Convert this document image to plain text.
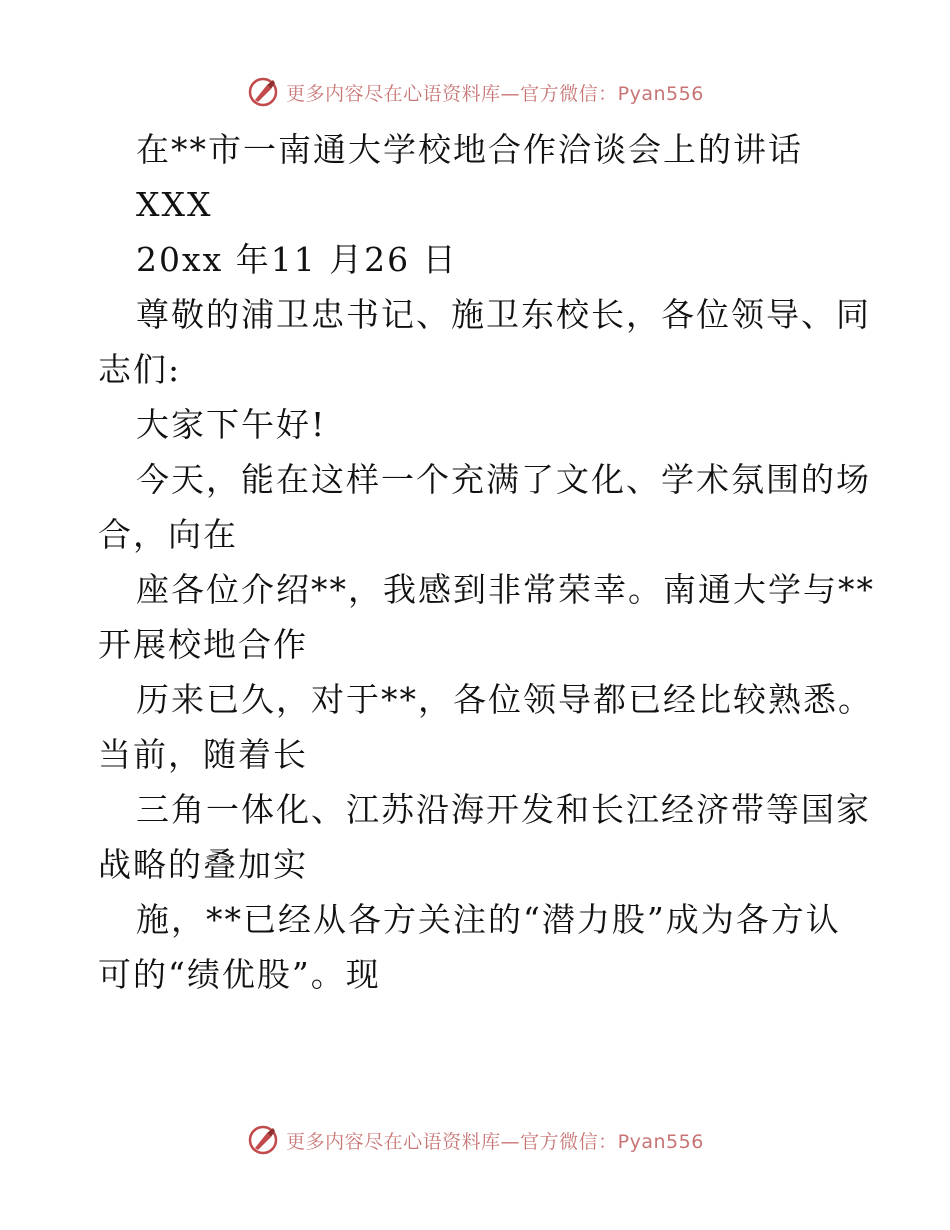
更多内容尽在心语资料库—官方微信：Pyan556
在**市一南通大学校地合作洽谈会上的讲话
XXX
20xx 年11 月26 日
尊敬的浦卫忠书记、施卫东校长，各位领导、同
志们:
大家下午好!
今天，能在这样一个充满了文化、学术氛围的场
合，向在
座各位介绍**，我感到非常荣幸。南通大学与**
开展校地合作
历来已久，对于**，各位领导都已经比较熟悉。
当前，随着长
三角一体化、江苏沿海开发和长江经济带等国家
战略的叠加实
施，**已经从各方关注的“潜力股”成为各方认
可的“绩优股”。现
更多内容尽在心语资料库—官方微信：Pyan556
